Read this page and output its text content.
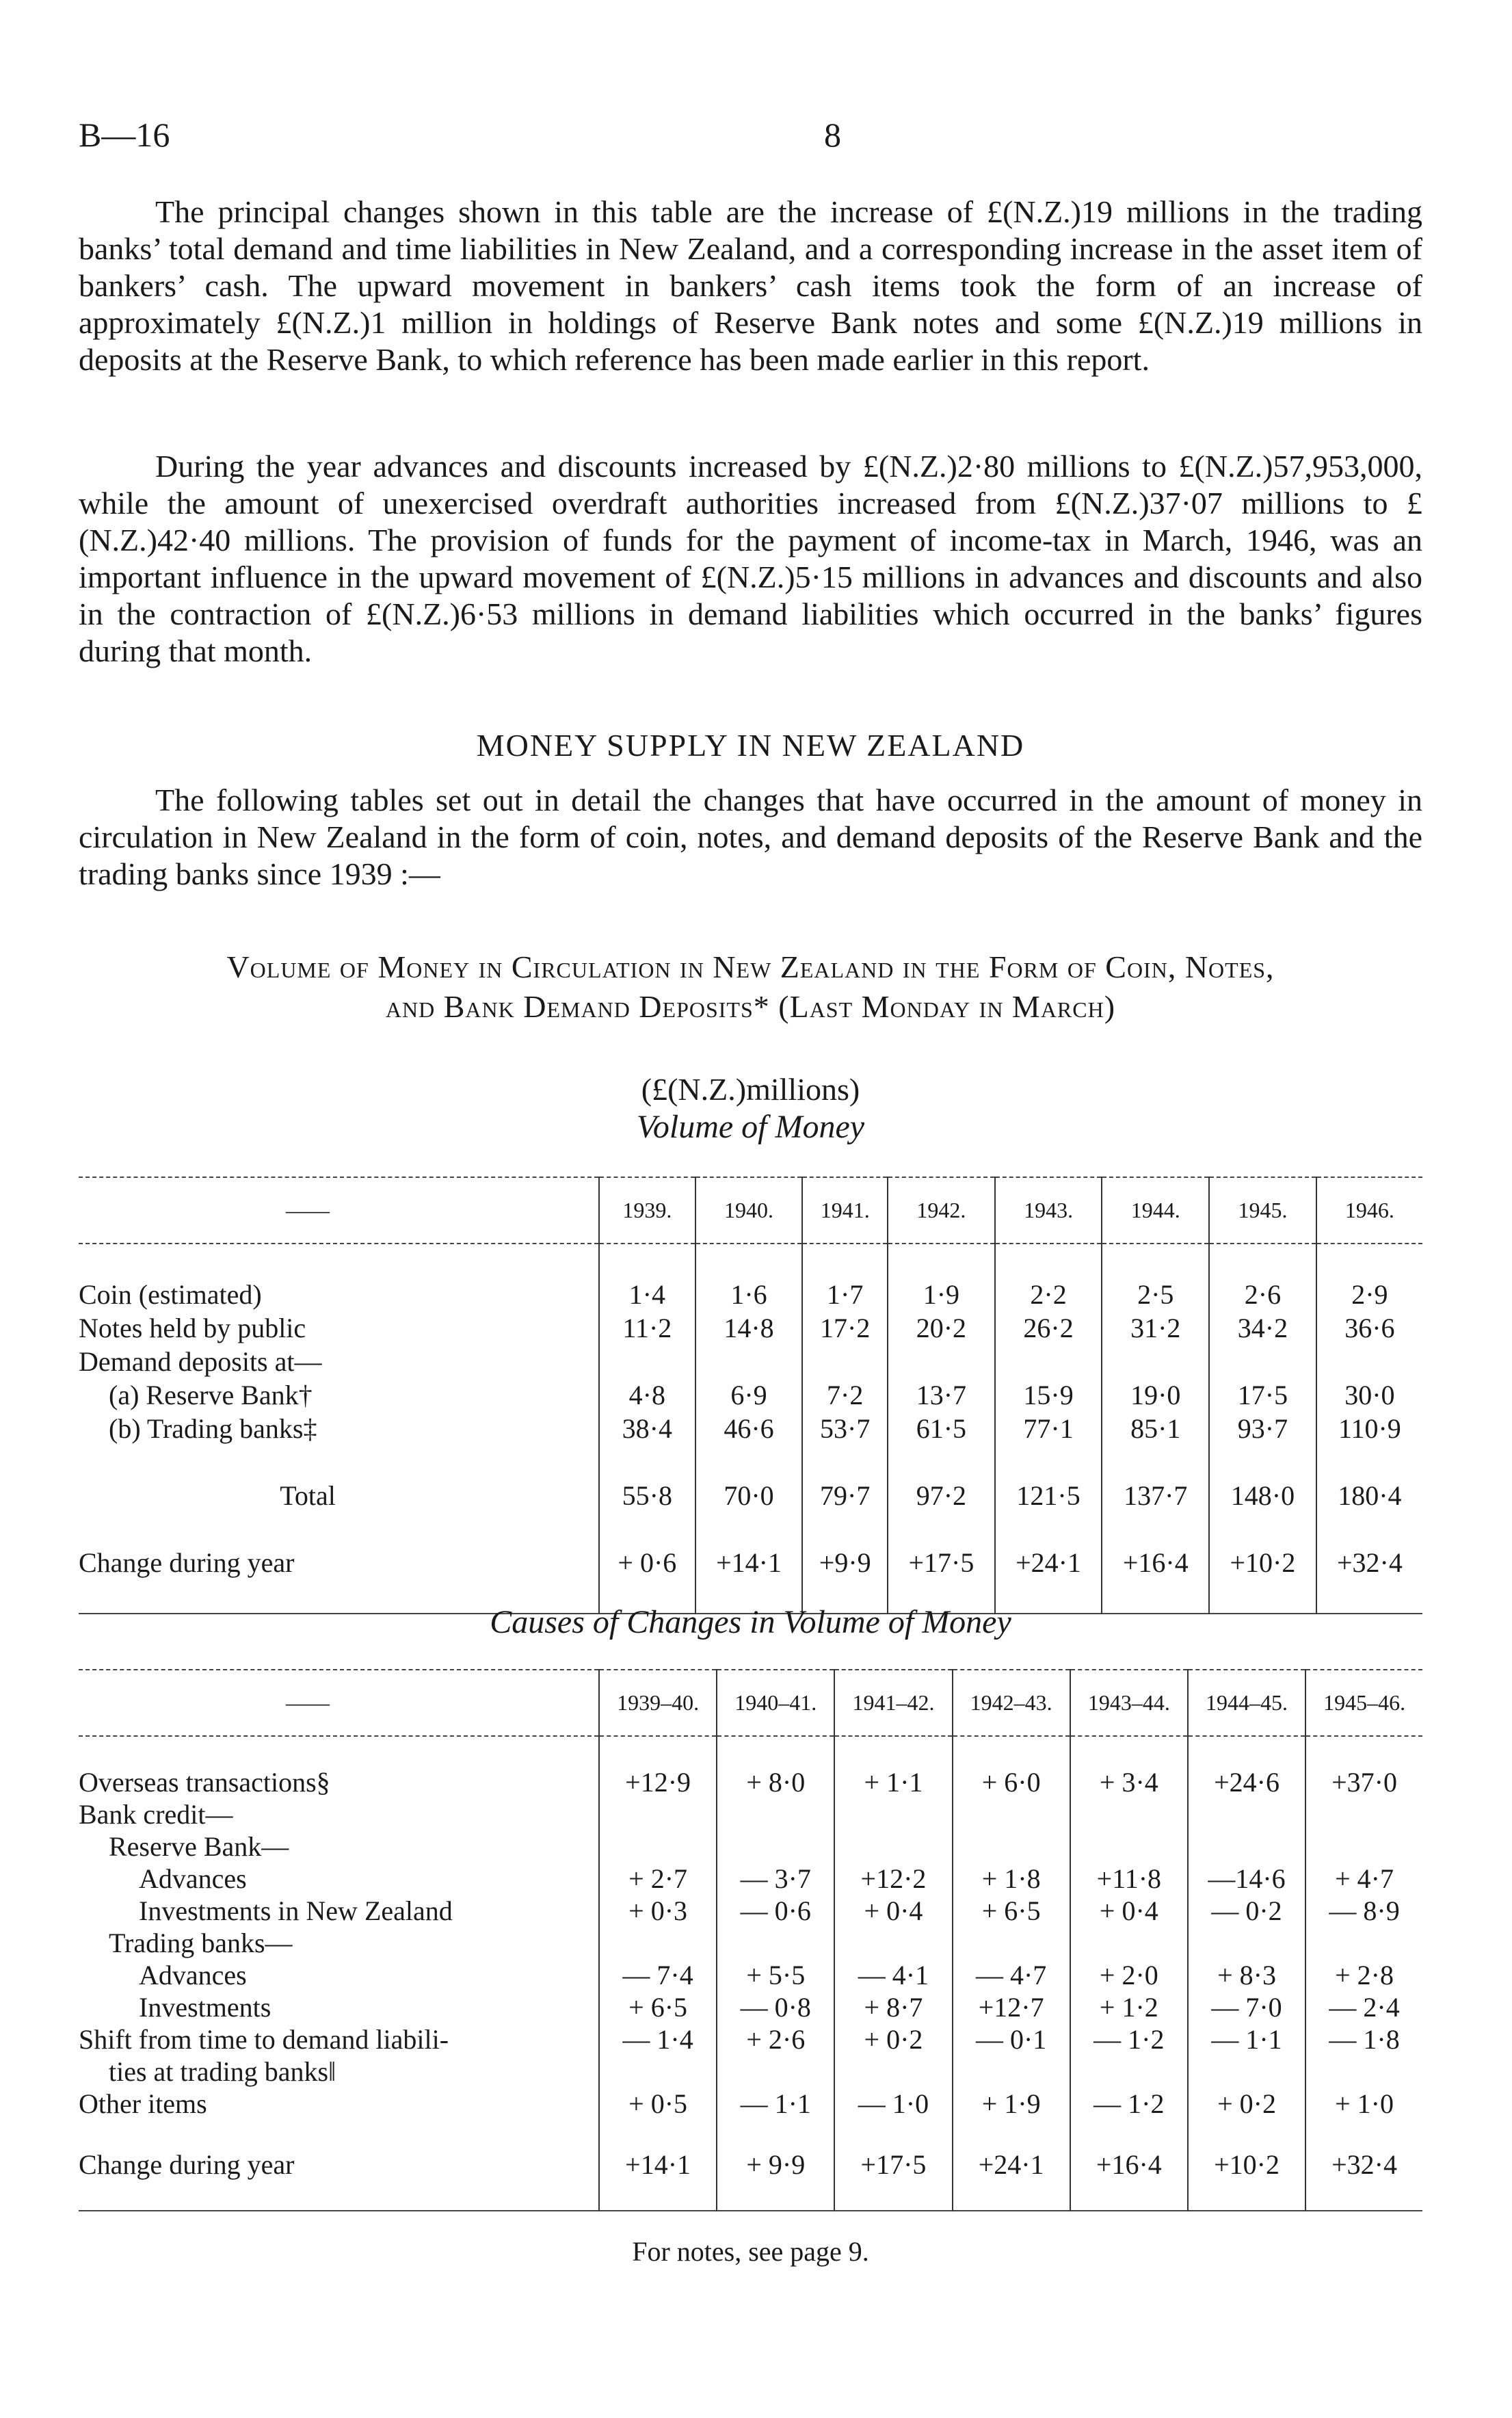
B—16	8

The principal changes shown in this table are the increase of £(N.Z.)19 millions in the trading banks’ total demand and time liabilities in New Zealand, and a corresponding increase in the asset item of bankers’ cash. The upward movement in bankers’ cash items took the form of an increase of approximately £(N.Z.)1 million in holdings of Reserve Bank notes and some £(N.Z.)19 millions in deposits at the Reserve Bank, to which reference has been made earlier in this report.

During the year advances and discounts increased by £(N.Z.)2·80 millions to £(N.Z.)57,953,000, while the amount of unexercised overdraft authorities increased from £(N.Z.)37·07 millions to £(N.Z.)42·40 millions. The provision of funds for the payment of income-tax in March, 1946, was an important influence in the upward movement of £(N.Z.)5·15 millions in advances and discounts and also in the contraction of £(N.Z.)6·53 millions in demand liabilities which occurred in the banks’ figures during that month.

MONEY SUPPLY IN NEW ZEALAND

The following tables set out in detail the changes that have occurred in the amount of money in circulation in New Zealand in the form of coin, notes, and demand deposits of the Reserve Bank and the trading banks since 1939 :—

Volume of Money in Circulation in New Zealand in the Form of Coin, Notes,
and Bank Demand Deposits* (Last Monday in March)
(£(N.Z.)millions)
Volume of Money
——	1939.	1940.	1941.	1942.	1943.	1944.	1945.	1946.

Coin (estimated)	1·4	1·6	1·7	1·9	2·2	2·5	2·6	2·9
Notes held by public	11·2	14·8	17·2	20·2	26·2	31·2	34·2	36·6
Demand deposits at—								
(a) Reserve Bank†	4·8	6·9	7·2	13·7	15·9	19·0	17·5	30·0
(b) Trading banks‡	38·4	46·6	53·7	61·5	77·1	85·1	93·7	110·9

Total	55·8	70·0	79·7	97·2	121·5	137·7	148·0	180·4

Change during year	+ 0·6	+14·1	+9·9	+17·5	+24·1	+16·4	+10·2	+32·4

Causes of Changes in Volume of Money
——	1939–40.	1940–41.	1941–42.	1942–43.	1943–44.	1944–45.	1945–46.

Overseas transactions§	+12·9	+ 8·0	+ 1·1	+ 6·0	+ 3·4	+24·6	+37·0
Bank credit—							
Reserve Bank—							
Advances	+ 2·7	— 3·7	+12·2	+ 1·8	+11·8	—14·6	+ 4·7
Investments in New Zealand	+ 0·3	— 0·6	+ 0·4	+ 6·5	+ 0·4	— 0·2	— 8·9
Trading banks—							
Advances	— 7·4	+ 5·5	— 4·1	— 4·7	+ 2·0	+ 8·3	+ 2·8
Investments	+ 6·5	— 0·8	+ 8·7	+12·7	+ 1·2	— 7·0	— 2·4
Shift from time to demand liabili-	— 1·4	+ 2·6	+ 0·2	— 0·1	— 1·2	— 1·1	— 1·8
ties at trading banks‖							
Other items	+ 0·5	— 1·1	— 1·0	+ 1·9	— 1·2	+ 0·2	+ 1·0

Change during year	+14·1	+ 9·9	+17·5	+24·1	+16·4	+10·2	+32·4

For notes, see page 9.
